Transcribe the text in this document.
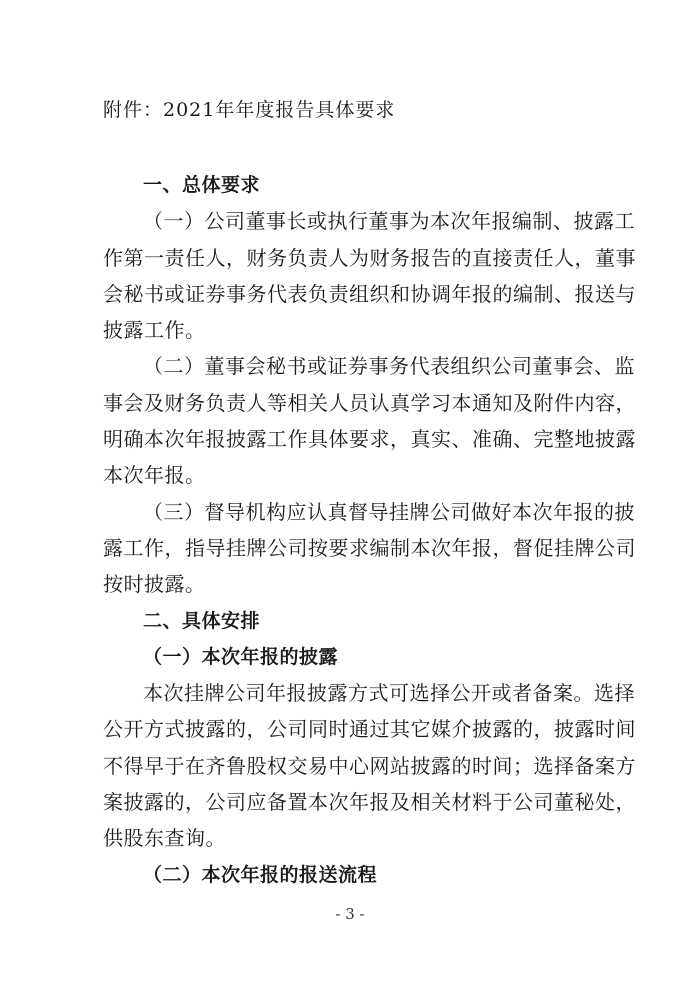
附件：2021年年度报告具体要求
一、总体要求
（一）公司董事长或执行董事为本次年报编制、披露工
作第一责任人，财务负责人为财务报告的直接责任人，董事
会秘书或证券事务代表负责组织和协调年报的编制、报送与
披露工作。
（二）董事会秘书或证券事务代表组织公司董事会、监
事会及财务负责人等相关人员认真学习本通知及附件内容，
明确本次年报披露工作具体要求，真实、准确、完整地披露
本次年报。
（三）督导机构应认真督导挂牌公司做好本次年报的披
露工作，指导挂牌公司按要求编制本次年报，督促挂牌公司
按时披露。
二、具体安排
（一）本次年报的披露
本次挂牌公司年报披露方式可选择公开或者备案。选择
公开方式披露的，公司同时通过其它媒介披露的，披露时间
不得早于在齐鲁股权交易中心网站披露的时间；选择备案方
案披露的，公司应备置本次年报及相关材料于公司董秘处，
供股东查询。
（二）本次年报的报送流程
- 3 -
